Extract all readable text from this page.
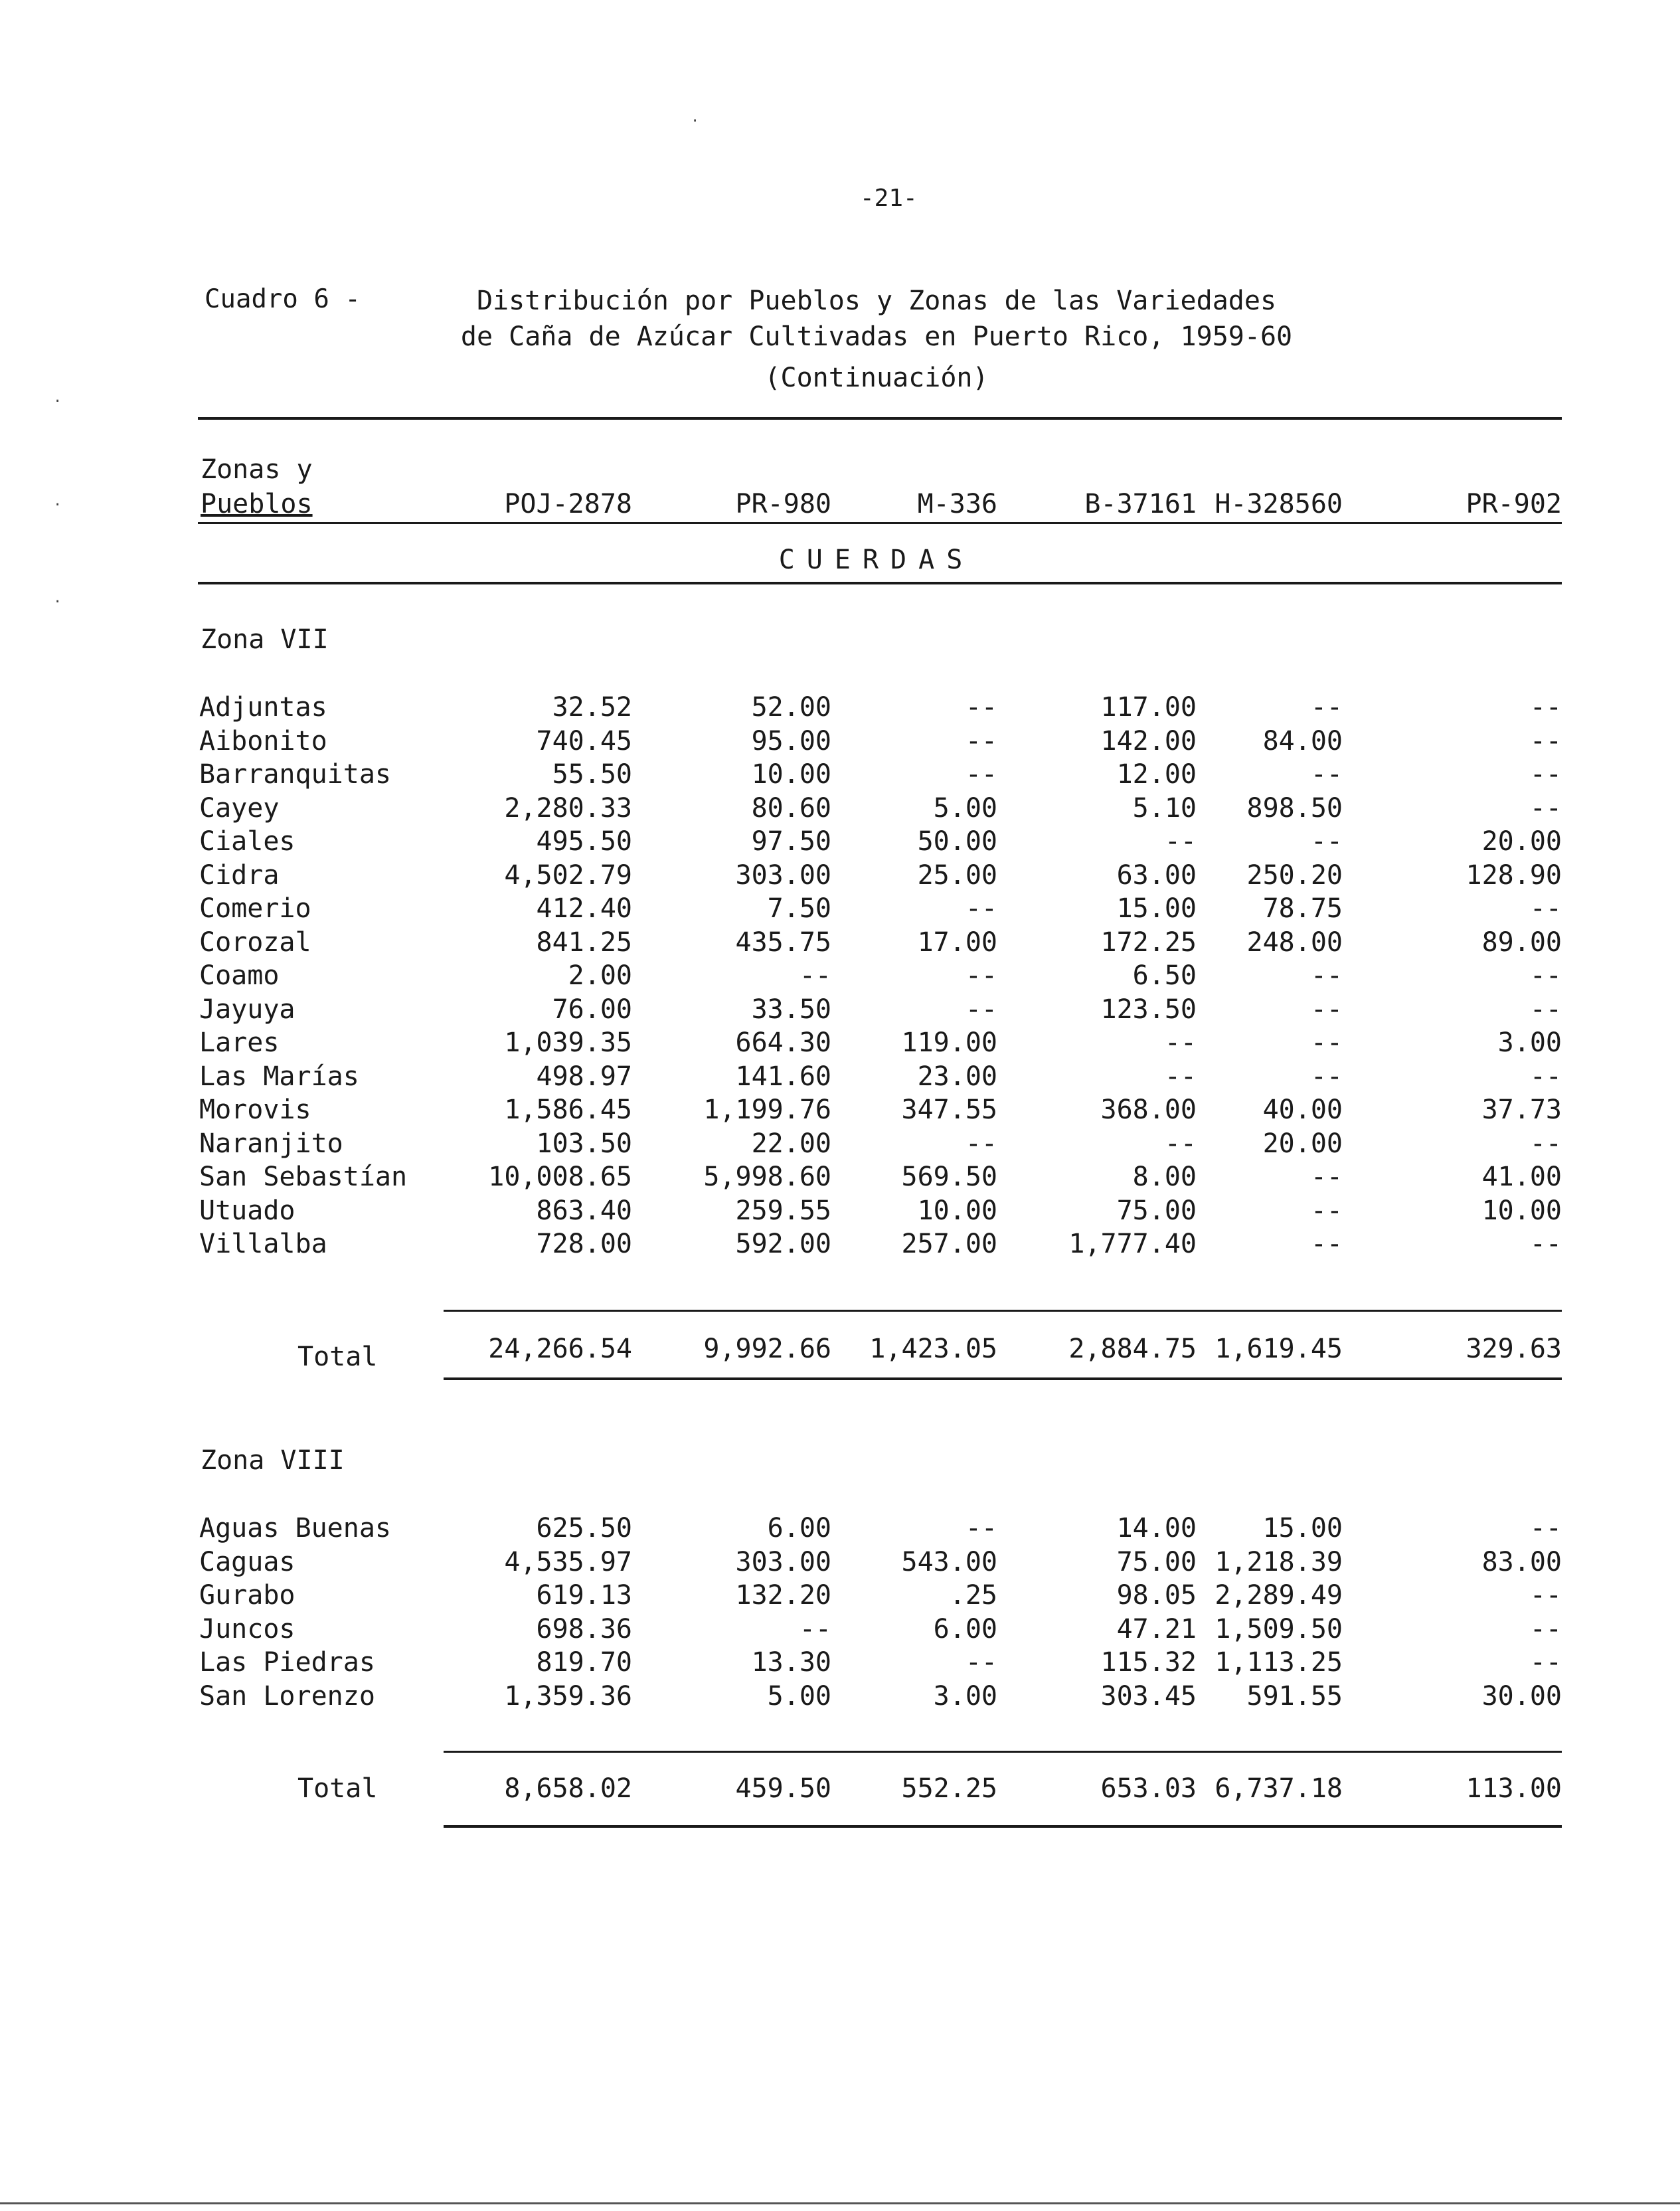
-21-
Cuadro 6 -	Distribución por Pueblos y Zonas de las Variedades
de Caña de Azúcar Cultivadas en Puerto Rico, 1959-60
(Continuación)
Zonas y
Pueblos	POJ-2878	PR-980	M-336	B-37161 H-328560	PR-902
CUERDAS
Zona VII
Adjuntas	32.52	52.00	--	117.00	--	--
Aibonito	740.45	95.00	--	142.00	84.00	--
Barranquitas	55.50	10.00	--	12.00	--	--
Cayey	2,280.33	80.60	5.00	5.10	898.50	--
Ciales	495.50	97.50	50.00	--	--	20.00
Cidra	4,502.79	303.00	25.00	63.00	250.20	128.90
Comerio	412.40	7.50	--	15.00	78.75	--
Corozal	841.25	435.75	17.00	172.25	248.00	89.00
Coamo	2.00	--	--	6.50	--	--
Jayuya	76.00	33.50	--	123.50	--	--
Lares	1,039.35	664.30	119.00	--	--	3.00
Las Marías	498.97	141.60	23.00	--	--	--
Morovis	1,586.45	1,199.76	347.55	368.00	40.00	37.73
Naranjito	103.50	22.00	--	--	20.00	--
San Sebastían	10,008.65	5,998.60	569.50	8.00	--	41.00
Utuado	863.40	259.55	10.00	75.00	--	10.00
Villalba	728.00	592.00	257.00	1,777.40	--	--
Total	24,266.54	9,992.66	1,423.05	2,884.75 1,619.45	329.63
Zona VIII
Aguas Buenas	625.50	6.00	--	14.00	15.00	--
Caguas	4,535.97	303.00	543.00	75.00 1,218.39	83.00
Gurabo	619.13	132.20	.25	98.05 2,289.49	--
Juncos	698.36	--	6.00	47.21 1,509.50	--
Las Piedras	819.70	13.30	--	115.32 1,113.25	--
San Lorenzo	1,359.36	5.00	3.00	303.45	591.55	30.00
Total	8,658.02	459.50	552.25	653.03 6,737.18	113.00
·
·
·
·
